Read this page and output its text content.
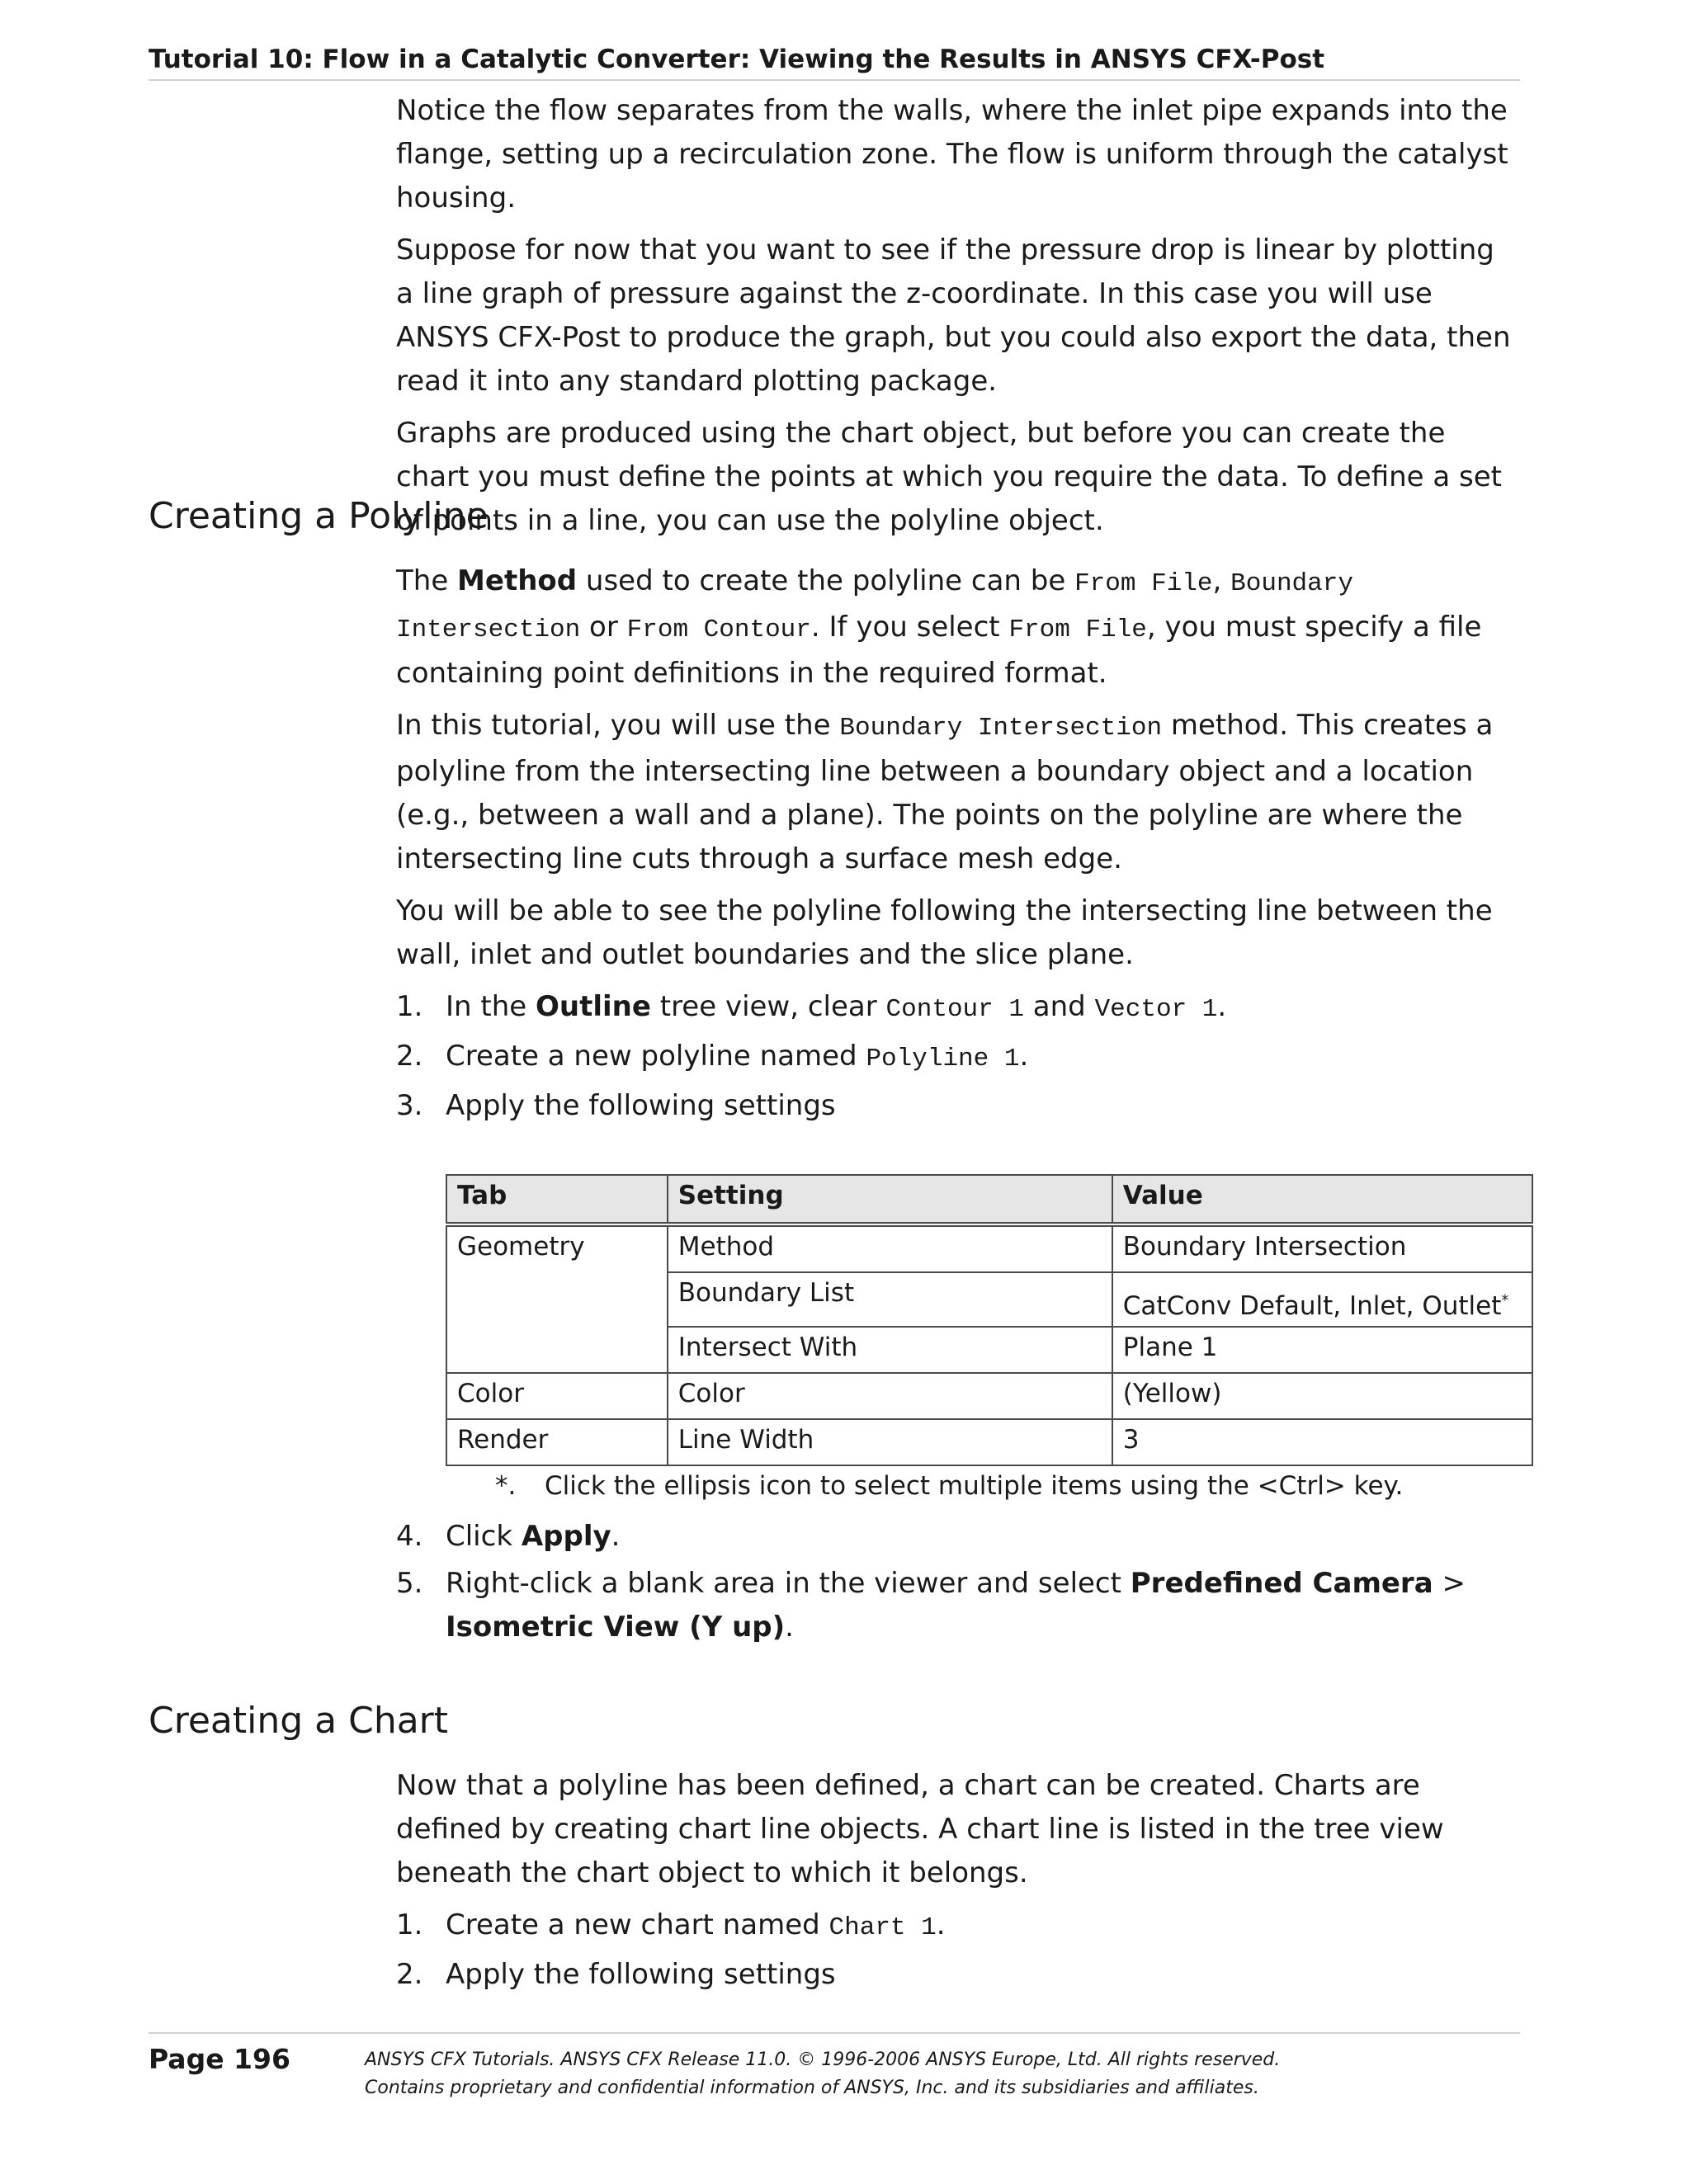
Tutorial 10: Flow in a Catalytic Converter: Viewing the Results in ANSYS CFX-Post

Notice the flow separates from the walls, where the inlet pipe expands into the flange, setting up a recirculation zone. The flow is uniform through the catalyst housing.

Suppose for now that you want to see if the pressure drop is linear by plotting a line graph of pressure against the z-coordinate. In this case you will use ANSYS CFX-Post to produce the graph, but you could also export the data, then read it into any standard plotting package.

Graphs are produced using the chart object, but before you can create the chart you must define the points at which you require the data. To define a set of points in a line, you can use the polyline object.

Creating a Polyline

The Method used to create the polyline can be From File, Boundary Intersection or From Contour. If you select From File, you must specify a file containing point definitions in the required format.

In this tutorial, you will use the Boundary Intersection method. This creates a polyline from the intersecting line between a boundary object and a location (e.g., between a wall and a plane). The points on the polyline are where the intersecting line cuts through a surface mesh edge.

You will be able to see the polyline following the intersecting line between the wall, inlet and outlet boundaries and the slice plane.

1. In the Outline tree view, clear Contour 1 and Vector 1.
2. Create a new polyline named Polyline 1.
3. Apply the following settings
Tab	Setting	Value
Geometry	Method	Boundary Intersection
	Boundary List	CatConv Default, Inlet, Outlet*
	Intersect With	Plane 1
Color	Color	(Yellow)
Render	Line Width	3
*. Click the ellipsis icon to select multiple items using the <Ctrl> key.
4. Click Apply.
5. Right-click a blank area in the viewer and select Predefined Camera > Isometric View (Y up).
Creating a Chart

Now that a polyline has been defined, a chart can be created. Charts are defined by creating chart line objects. A chart line is listed in the tree view beneath the chart object to which it belongs.

1. Create a new chart named Chart 1.
2. Apply the following settings
Page 196	ANSYS CFX Tutorials. ANSYS CFX Release 11.0. © 1996-2006 ANSYS Europe, Ltd. All rights reserved.
Contains proprietary and confidential information of ANSYS, Inc. and its subsidiaries and affiliates.
